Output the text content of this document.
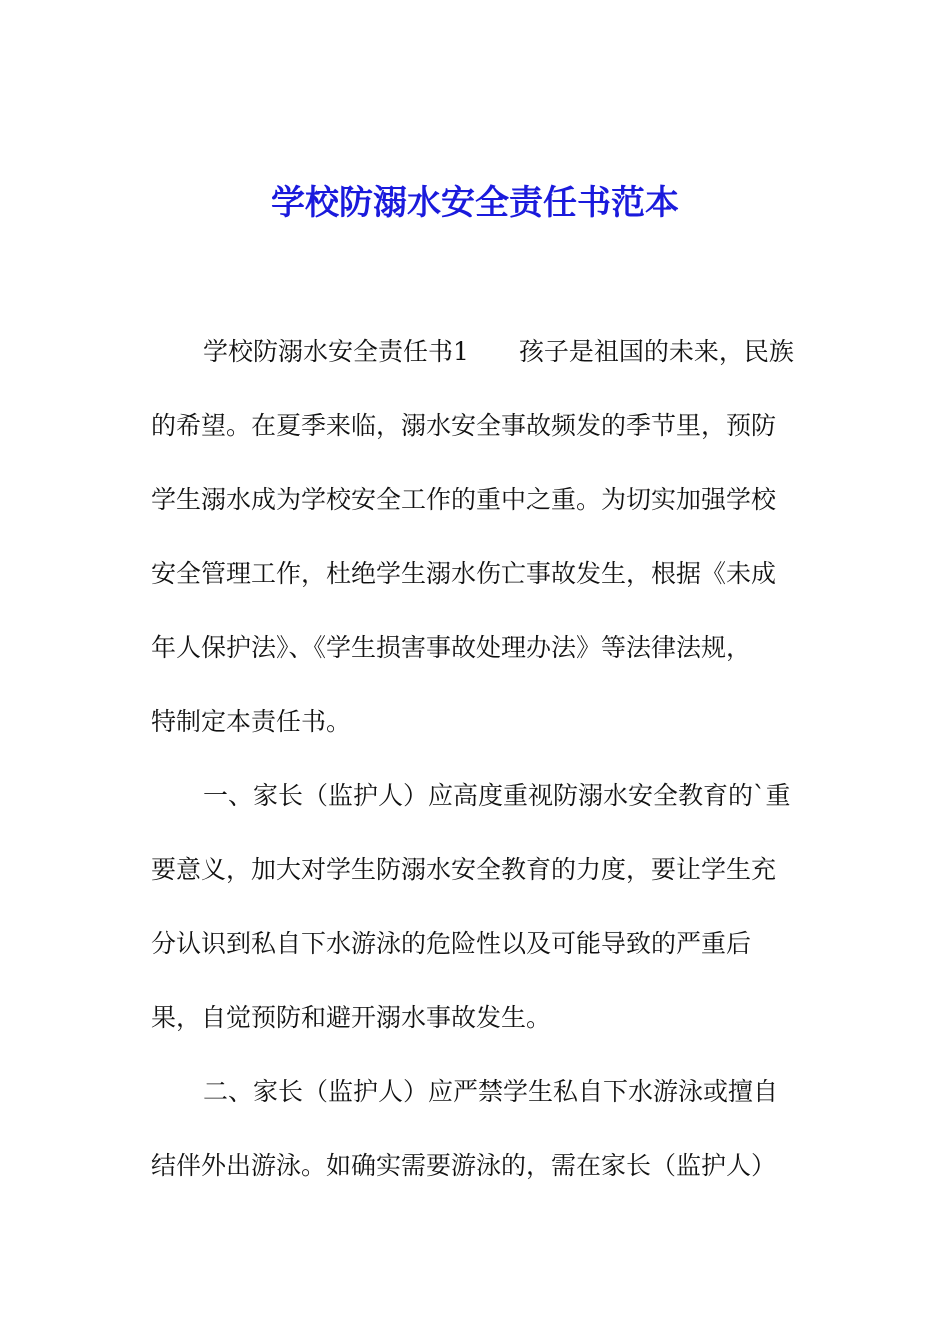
学校防溺水安全责任书范本
学校防溺水安全责任书1　　孩子是祖国的未来，民族
的希望。在夏季来临，溺水安全事故频发的季节里，预防
学生溺水成为学校安全工作的重中之重。为切实加强学校
安全管理工作，杜绝学生溺水伤亡事故发生，根据《未成
年人保护法》、《学生损害事故处理办法》等法律法规，
特制定本责任书。
一、家长（监护人）应高度重视防溺水安全教育的`重
要意义，加大对学生防溺水安全教育的力度，要让学生充
分认识到私自下水游泳的危险性以及可能导致的严重后
果，自觉预防和避开溺水事故发生。
二、家长（监护人）应严禁学生私自下水游泳或擅自
结伴外出游泳。如确实需要游泳的，需在家长（监护人）
